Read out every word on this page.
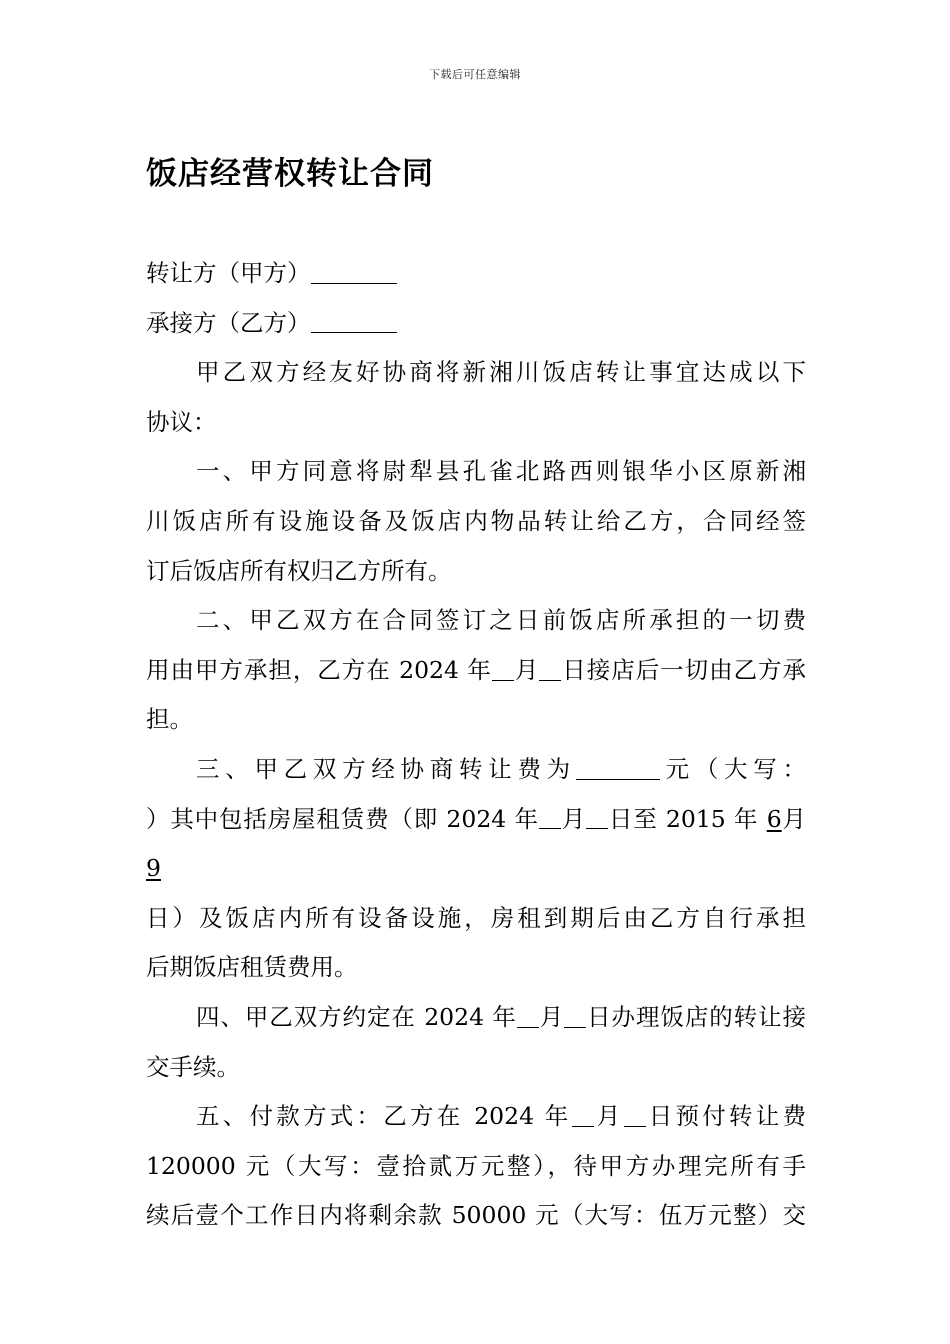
下载后可任意编辑
饭店经营权转让合同
转让方（甲方）
承接方（乙方）
甲乙双方经友好协商将新湘川饭店转让事宜达成以下
协议：
一、甲方同意将尉犁县孔雀北路西则银华小区原新湘
川饭店所有设施设备及饭店内物品转让给乙方，合同经签
订后饭店所有权归乙方所有。
二、甲乙双方在合同签订之日前饭店所承担的一切费
用由甲方承担，乙方在 2024 年 月 日接店后一切由乙方承
担。
三、甲乙双方经协商转让费为	元（大写：
）其中包括房屋租赁费（即 2024 年 月 日至 2015 年 6月 9
日）及饭店内所有设备设施，房租到期后由乙方自行承担
后期饭店租赁费用。
四、甲乙双方约定在 2024 年 月 日办理饭店的转让接
交手续。
五、付款方式：乙方在 2024 年 月 日预付转让费
120000 元（大写：壹拾贰万元整），待甲方办理完所有手
续后壹个工作日内将剩余款 50000 元（大写：伍万元整）交
